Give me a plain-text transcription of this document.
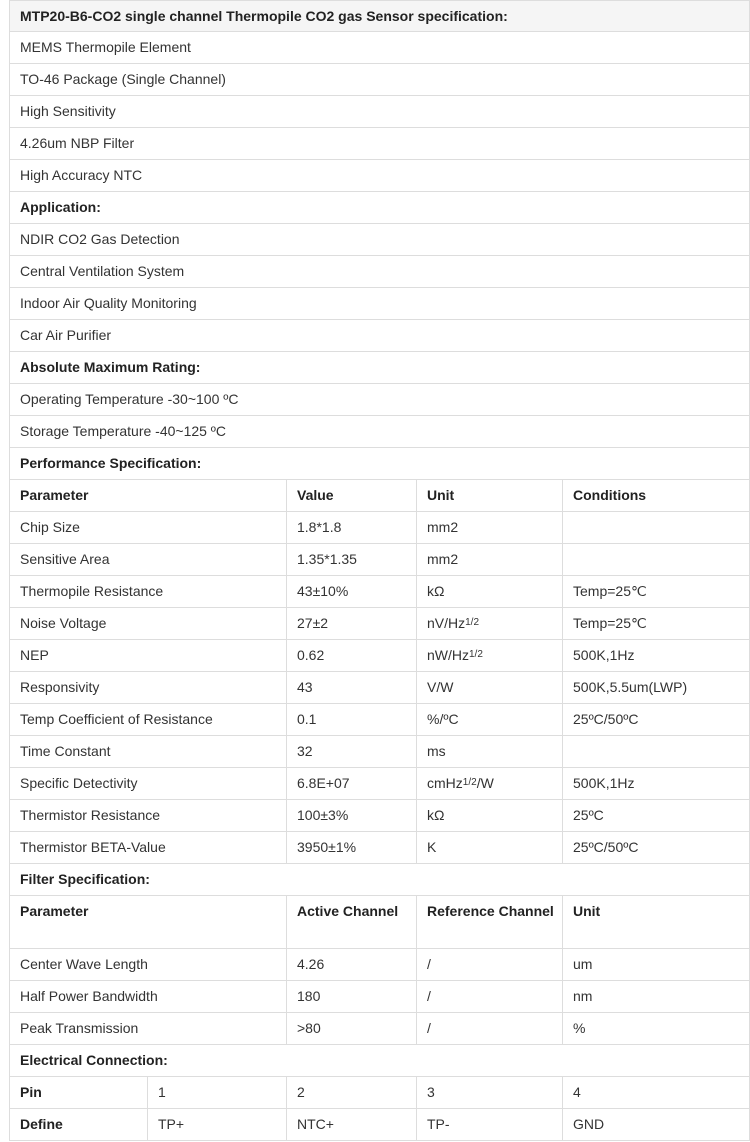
MTP20-B6-CO2 single channel Thermopile CO2 gas Sensor specification:
MEMS Thermopile Element
TO-46 Package (Single Channel)
High Sensitivity
4.26um NBP Filter
High Accuracy NTC
Application:
NDIR CO2 Gas Detection
Central Ventilation System
Indoor Air Quality Monitoring
Car Air Purifier
Absolute Maximum Rating:
Operating Temperature -30~100 ºC
Storage Temperature -40~125 ºC
Performance Specification:
Parameter	Value	Unit	Conditions
Chip Size	1.8*1.8	mm2
Sensitive Area	1.35*1.35	mm2
Thermopile Resistance	43±10%	kΩ	Temp=25℃
Noise Voltage	27±2	$nV/Hz^{1/2}$	Temp=25℃
NEP	0.62	$nW/Hz^{1/2}$	500K,1Hz
Responsivity	43	V/W	500K,5.5um(LWP)
Temp Coefficient of Resistance	0.1	%/ºC	25ºC/50ºC
Time Constant	32	ms
Specific Detectivity	6.8E+07	cmHz$^{1/2}$ /W	500K,1Hz
Thermistor Resistance	100±3%	kΩ	25ºC
Thermistor BETA-Value	3950±1%	K	25ºC/50ºC
Filter Specification:
Parameter	Active Channel	Reference Channel	Unit
Center Wave Length	4.26	/	um
Half Power Bandwidth	180	/	nm
Peak Transmission	>80	/	%
Electrical Connection:
Pin	1	2	3	4
Define	TP+	NTC+	TP-	GND
